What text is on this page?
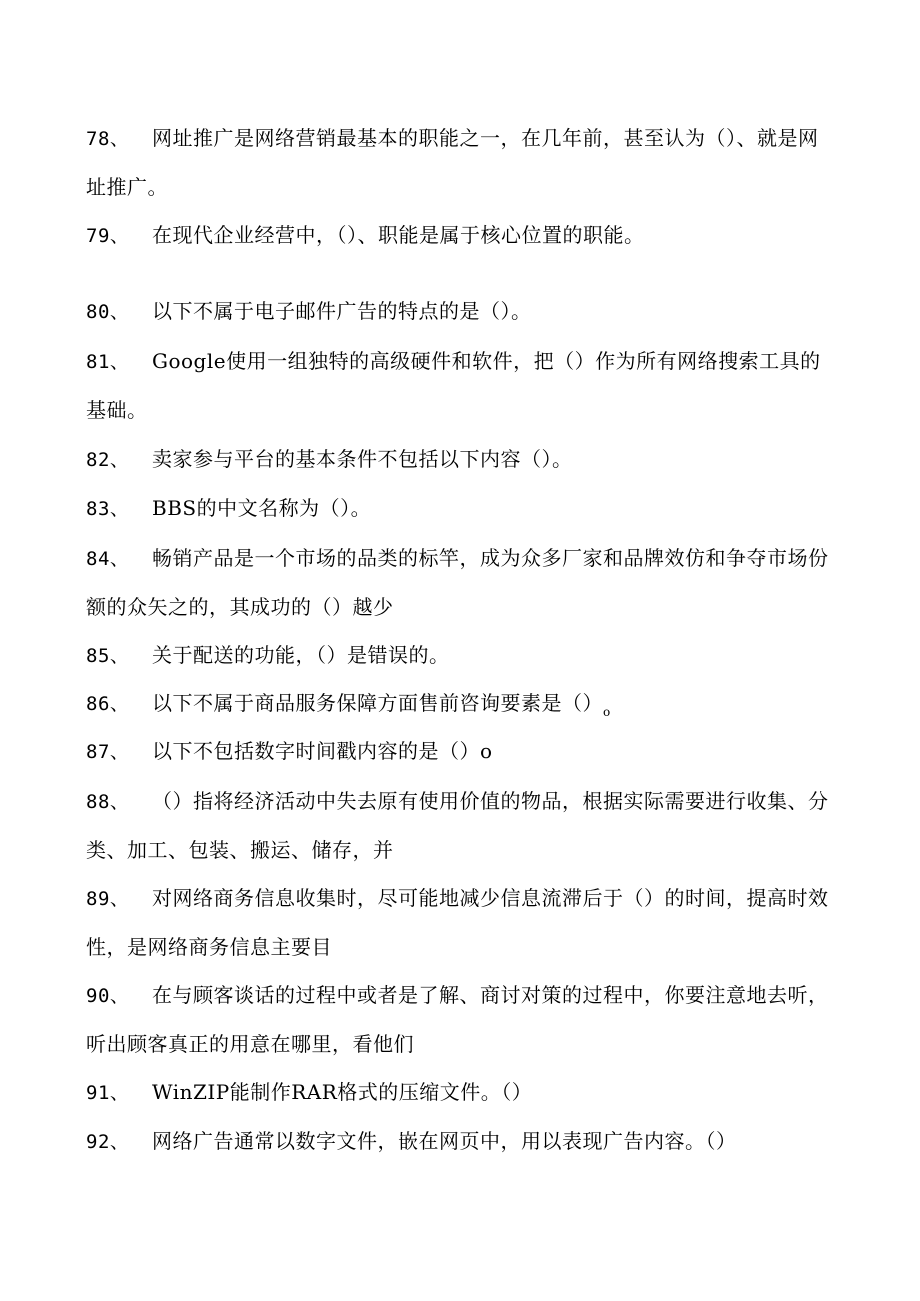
78、 网址推广是网络营销最基本的职能之一，在几年前，甚至认为（）、就是网址推广。
79、 在现代企业经营中，（）、职能是属于核心位置的职能。
80、 以下不属于电子邮件广告的特点的是（）。
81、 Google使用一组独特的高级硬件和软件，把（）作为所有网络搜索工具的基础。
82、 卖家参与平台的基本条件不包括以下内容（）。
83、 BBS的中文名称为（）。
84、 畅销产品是一个市场的品类的标竿，成为众多厂家和品牌效仿和争夺市场份额的众矢之的，其成功的（）越少
85、 关于配送的功能，（）是错误的。
86、 以下不属于商品服务保障方面售前咨询要素是$()_o$
87、 以下不包括数字时间戳内容的是（）o
88、 （）指将经济活动中失去原有使用价值的物品，根据实际需要进行收集、分类、加工、包装、搬运、储存，并
89、 对网络商务信息收集时，尽可能地减少信息流滞后于（）的时间，提高时效性，是网络商务信息主要目
90、 在与顾客谈话的过程中或者是了解、商讨对策的过程中，你要注意地去听，听出顾客真正的用意在哪里，看他们
91、 WinZIP能制作RAR格式的压缩文件。（）
92、 网络广告通常以数字文件，嵌在网页中，用以表现广告内容。（）
